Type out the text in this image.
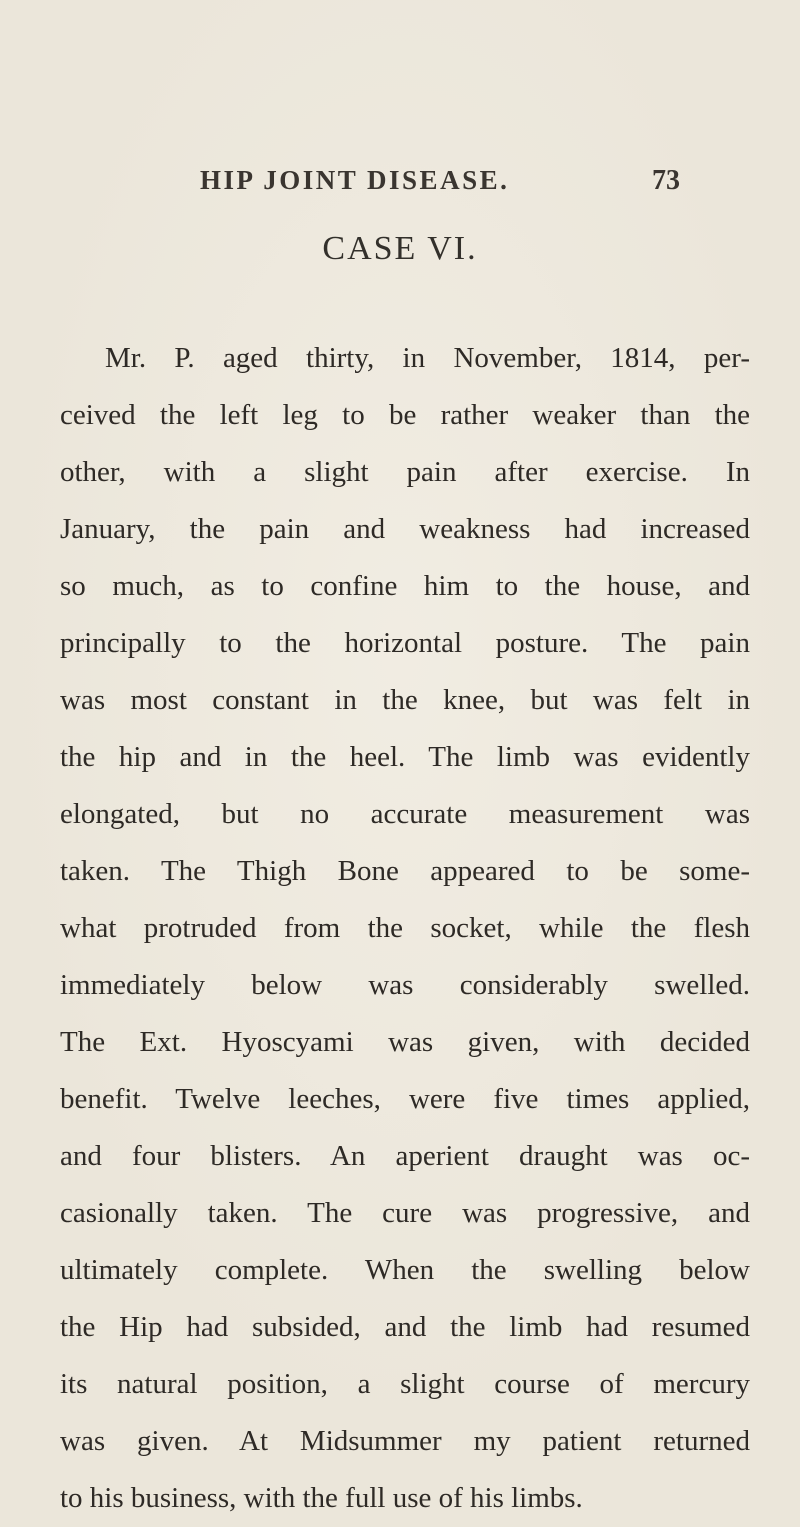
HIP JOINT DISEASE.	73
CASE VI.
Mr. P. aged thirty, in November, 1814, per-
ceived the left leg to be rather weaker than the
other, with a slight pain after exercise. In
January, the pain and weakness had increased
so much, as to confine him to the house, and
principally to the horizontal posture. The pain
was most constant in the knee, but was felt in
the hip and in the heel. The limb was evidently
elongated, but no accurate measurement was
taken. The Thigh Bone appeared to be some-
what protruded from the socket, while the flesh
immediately below was considerably swelled.
The Ext. Hyoscyami was given, with decided
benefit. Twelve leeches, were five times applied,
and four blisters. An aperient draught was oc-
casionally taken. The cure was progressive, and
ultimately complete. When the swelling below
the Hip had subsided, and the limb had resumed
its natural position, a slight course of mercury
was given. At Midsummer my patient returned
to his business, with the full use of his limbs.
